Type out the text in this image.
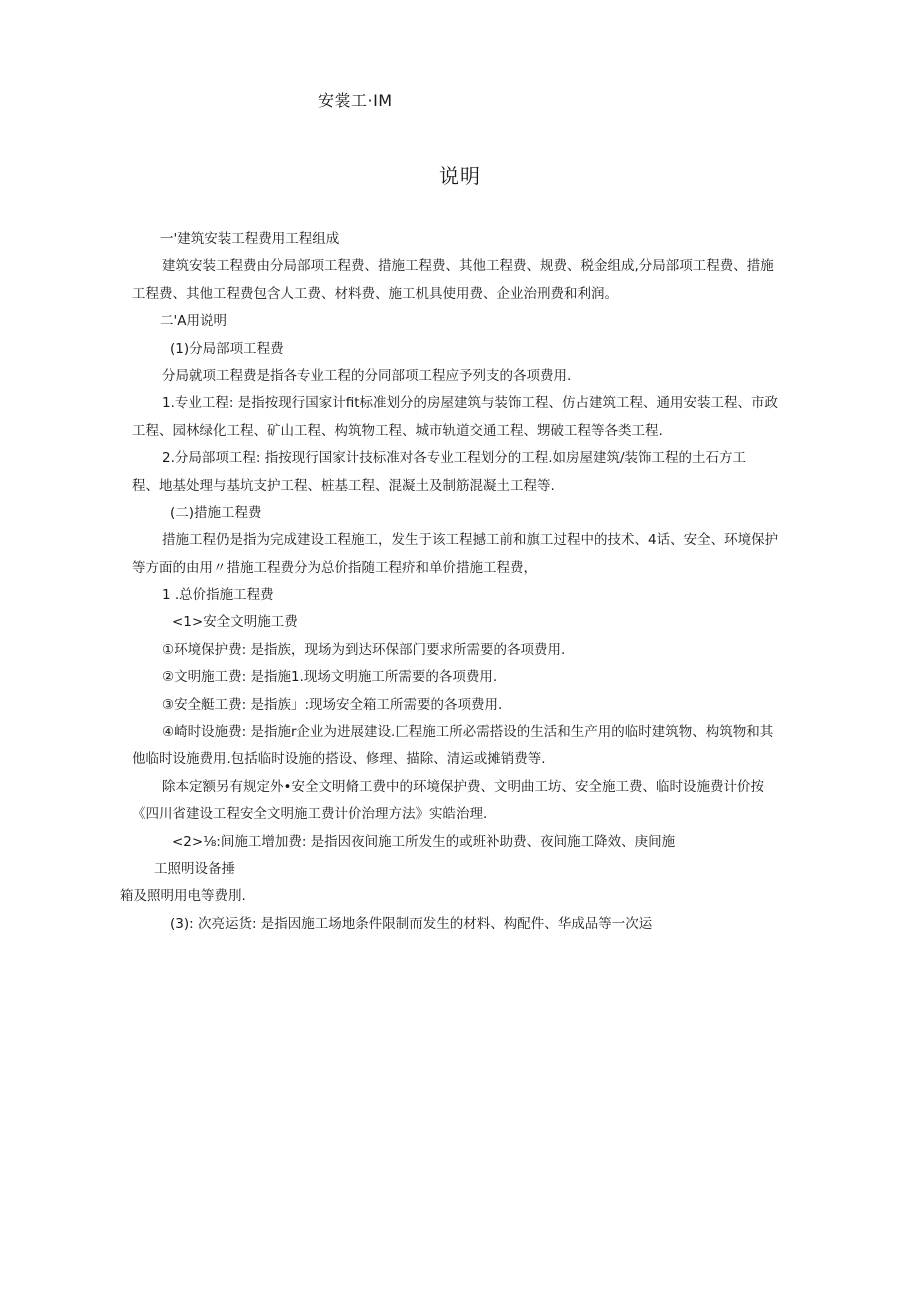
安裳工·IM
说明
一'建筑安装工程费用工程组成
建筑安装工程费由分局部项工程费、措施工程费、其他工程费、规费、税金组成,分局部项工程费、措施
工程费、其他工程费包含人工费、材料费、施工机具使用费、企业治刑费和利润。
二'A用说明
(1)分局部项工程费
分局就项工程费是指各专业工程的分同部项工程应予列支的各项费用.
1.专业工程: 是指按现行国家计fit标准划分的房屋建筑与装饰工程、仿占建筑工程、通用安装工程、市政
工程、园林绿化工程、矿山工程、构筑物工程、城市轨道交通工程、甥破工程等各类工程.
2.分局部项工程: 指按现行国家计技标准对各专业工程划分的工程.如房屋建筑/装饰工程的土石方工
程、地基处理与基坑支护工程、桩基工程、混凝土及制筋混凝土工程等.
(二)措施工程费
措施工程仍是指为完成建设工程施工，发生于该工程撼工前和旗工过程中的技术、4话、安全、环境保护
等方面的由用〃措施工程费分为总价指随工程疥和单价措施工程费，
1 .总价指施工程费
<1>安全文明施工费
①环境保护费: 是指族，现场为到达环保部门要求所需要的各项费用.
②文明施工费: 是指施1.现场文明施工所需要的各项费用.
③安全艇工费: 是指族」:现场安全箱工所需要的各项费用.
④崎时设施费: 是指施r企业为进展建设.匚程施工所必需搭设的生活和生产用的临时建筑物、构筑物和其
他临时设施费用.包括临时设施的搭设、修理、描除、清运或摊销费等.
除本定额另有规定外•安全文明脩工费中的环境保护费、文明曲工坊、安全施工费、临时设施费计价按
《四川省建设工程安全文明施工费计价治理方法》实皓治理.
<2>⅛:间施工增加费: 是指因夜间施工所发生的或班补助费、夜间施工降效、庚间施
工照明设备捶
箱及照明用电等费刖.
(3): 次亮运货: 是指因施工场地条件限制而发生的材料、构配件、华成品等一次运
